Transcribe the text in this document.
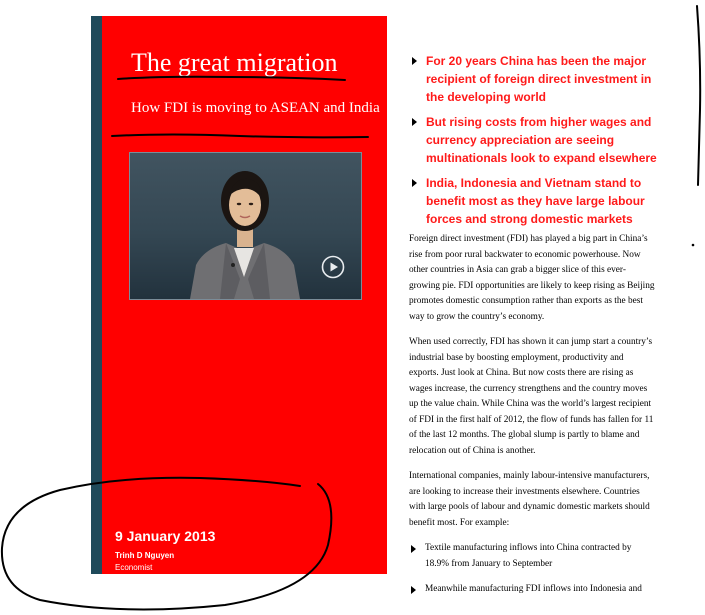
The great migration
How FDI is moving to ASEAN and India
9 January 2013
Trinh D Nguyen
Economist
For 20 years China has been the major recipient of foreign direct investment in the developing world
But rising costs from higher wages and currency appreciation are seeing multinationals look to expand elsewhere
India, Indonesia and Vietnam stand to benefit most as they have large labour forces and strong domestic markets

Foreign direct investment (FDI) has played a big part in China’s rise from poor rural backwater to economic powerhouse. Now other countries in Asia can grab a bigger slice of this ever-growing pie. FDI opportunities are likely to keep rising as Beijing promotes domestic consumption rather than exports as the best way to grow the country’s economy.

When used correctly, FDI has shown it can jump start a country’s industrial base by boosting employment, productivity and exports. Just look at China. But now costs there are rising as wages increase, the currency strengthens and the country moves up the value chain. While China was the world’s largest recipient of FDI in the first half of 2012, the flow of funds has fallen for 11 of the last 12 months. The global slump is partly to blame and relocation out of China is another.

International companies, mainly labour-intensive manufacturers, are looking to increase their investments elsewhere. Countries with large pools of labour and dynamic domestic markets should benefit most. For example:

Textile manufacturing inflows into China contracted by 18.9% from January to September
Meanwhile manufacturing FDI inflows into Indonesia and
